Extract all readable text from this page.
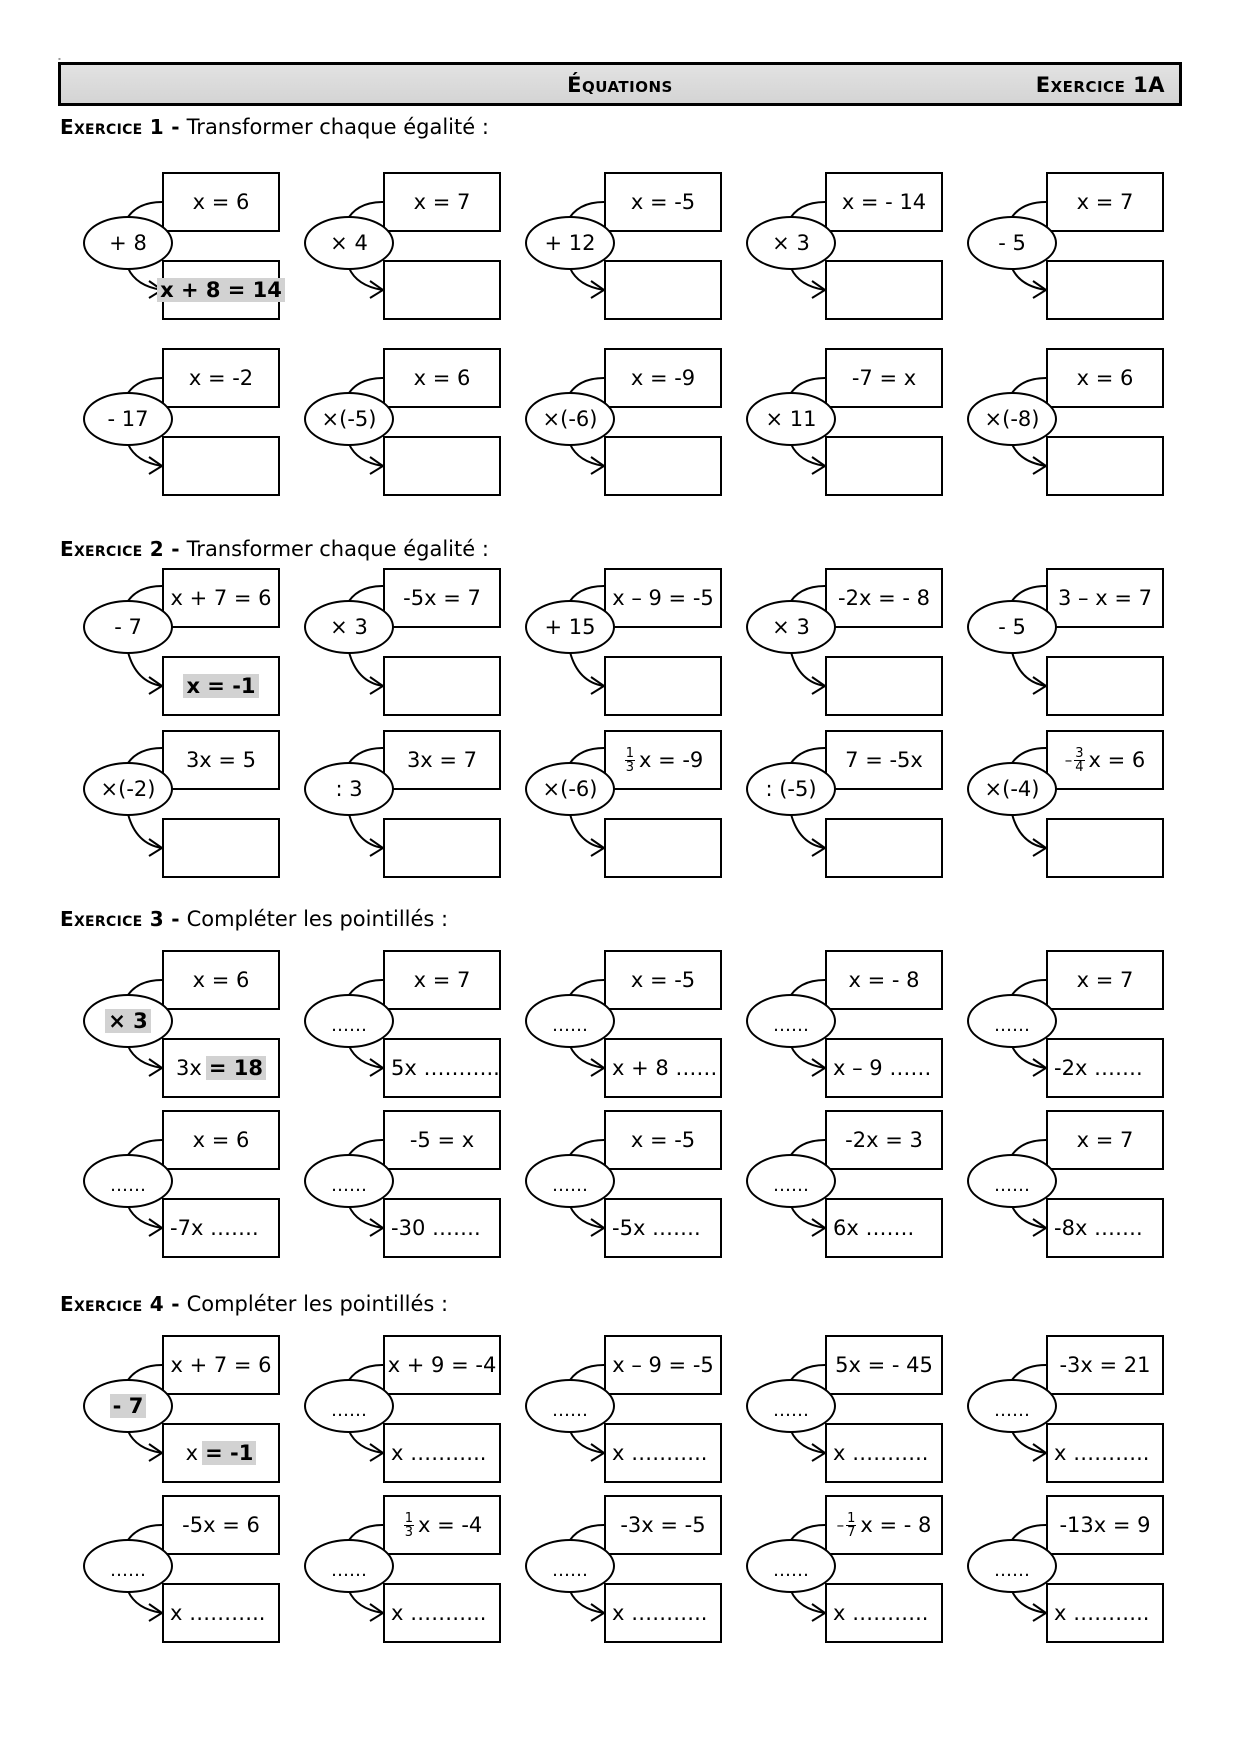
▪
Équations	Exercice 1A
Exercice 1 - Transformer chaque égalité :
Exercice 2 - Transformer chaque égalité :
Exercice 3 - Compléter les pointillés :
Exercice 4 - Compléter les pointillés :
x = 6
+ 8
x + 8 = 14
x = 7
× 4
x = -5
+ 12
x = - 14
× 3
x = 7
- 5
x = -2
- 17
x = 6
×(-5)
x = -9
×(-6)
-7 = x
× 11
x = 6
×(-8)
x + 7 = 6
- 7
x = -1
-5x = 7
× 3
x – 9 = -5
+ 15
-2x = - 8
× 3
3 – x = 7
- 5
3x = 5
×(-2)
3x = 7
: 3
$\frac{1}{3}$ x = -9
×(-6)
7 = -5x
: (-5)
– $\frac{3}{4}$ x = 6
×(-4)
x = 6
× 3
3x = 18
x = 7
……
5x ………..
x = -5
……
x + 8 ……
x = - 8
……
x – 9 ……
x = 7
……
-2x …….
x = 6
……
-7x …….
-5 = x
……
-30 …….
x = -5
……
-5x …….
-2x = 3
……
6x …….
x = 7
……
-8x …….
x + 7 = 6
- 7
x = -1
x + 9 = -4
……
x ………..
x – 9 = -5
……
x ………..
5x = - 45
……
x ………..
-3x = 21
……
x ………..
-5x = 6
……
x ………..
$\frac{1}{3}$ x = -4
……
x ………..
-3x = -5
……
x ………..
– $\frac{1}{7}$ x = - 8
……
x ………..
-13x = 9
……
x ………..
